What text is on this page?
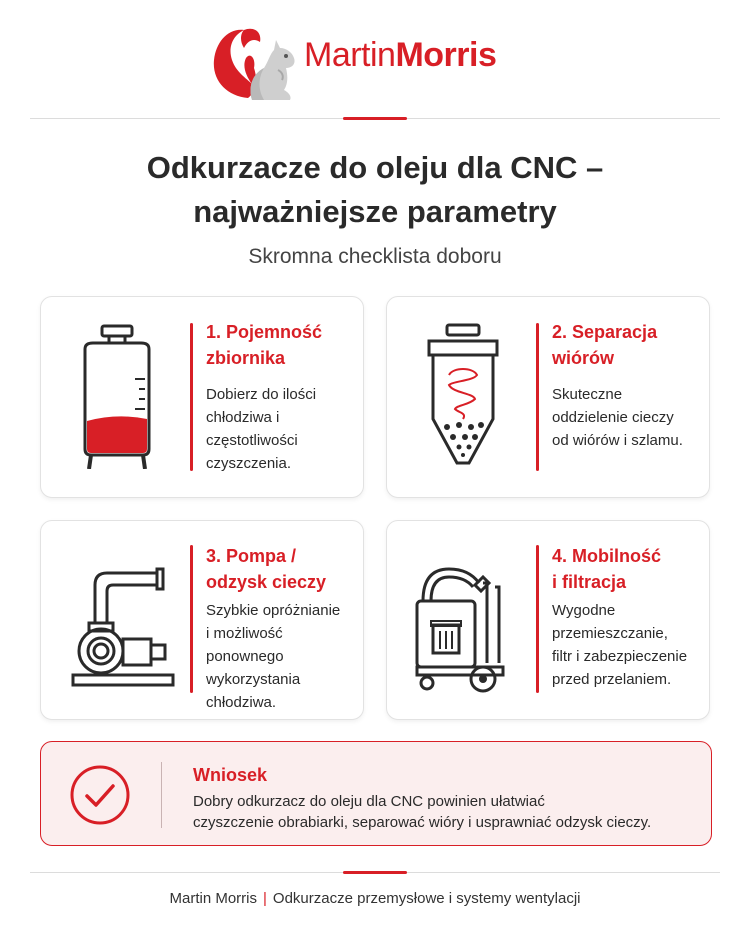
MartinMorris
Odkurzacze do oleju dla CNC –
najważniejsze parametry
Skromna checklista doboru
1. Pojemność
zbiornika
Dobierz do ilości
chłodziwa i
częstotliwości
czyszczenia.
2. Separacja
wiórów
Skuteczne
oddzielenie cieczy
od wiórów i szlamu.
3. Pompa /
odzysk cieczy
Szybkie opróżnianie
i możliwość
ponownego
wykorzystania
chłodziwa.
4. Mobilność
i filtracja
Wygodne
przemieszczanie,
filtr i zabezpieczenie
przed przelaniem.
Wniosek
Dobry odkurzacz do oleju dla CNC powinien ułatwiać
czyszczenie obrabiarki, separować wióry i usprawniać odzysk cieczy.
Martin Morris | Odkurzacze przemysłowe i systemy wentylacji
